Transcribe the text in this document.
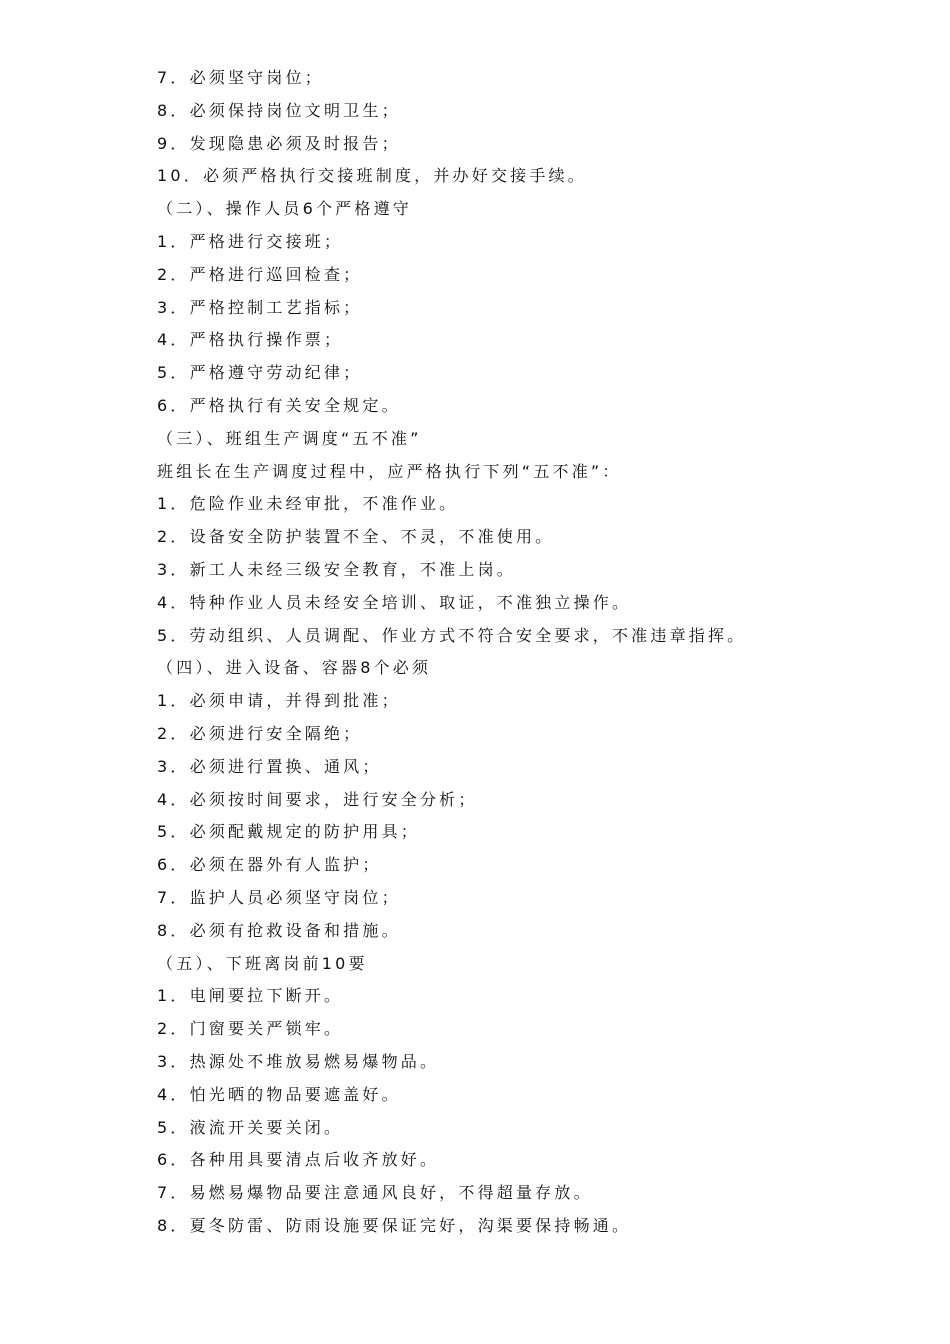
7．必须坚守岗位；
8．必须保持岗位文明卫生；
9．发现隐患必须及时报告；
10．必须严格执行交接班制度，并办好交接手续。
（二）、操作人员6个严格遵守
1．严格进行交接班；
2．严格进行巡回检查；
3．严格控制工艺指标；
4．严格执行操作票；
5．严格遵守劳动纪律；
6．严格执行有关安全规定。
（三）、班组生产调度“五不准”
班组长在生产调度过程中，应严格执行下列“五不准”：
1．危险作业未经审批，不准作业。
2．设备安全防护装置不全、不灵，不准使用。
3．新工人未经三级安全教育，不准上岗。
4．特种作业人员未经安全培训、取证，不准独立操作。
5．劳动组织、人员调配、作业方式不符合安全要求，不准违章指挥。
（四）、进入设备、容器8个必须
1．必须申请，并得到批准；
2．必须进行安全隔绝；
3．必须进行置换、通风；
4．必须按时间要求，进行安全分析；
5．必须配戴规定的防护用具；
6．必须在器外有人监护；
7．监护人员必须坚守岗位；
8．必须有抢救设备和措施。
（五）、下班离岗前10要
1．电闸要拉下断开。
2．门窗要关严锁牢。
3．热源处不堆放易燃易爆物品。
4．怕光晒的物品要遮盖好。
5．液流开关要关闭。
6．各种用具要清点后收齐放好。
7．易燃易爆物品要注意通风良好，不得超量存放。
8．夏冬防雷、防雨设施要保证完好，沟渠要保持畅通。
